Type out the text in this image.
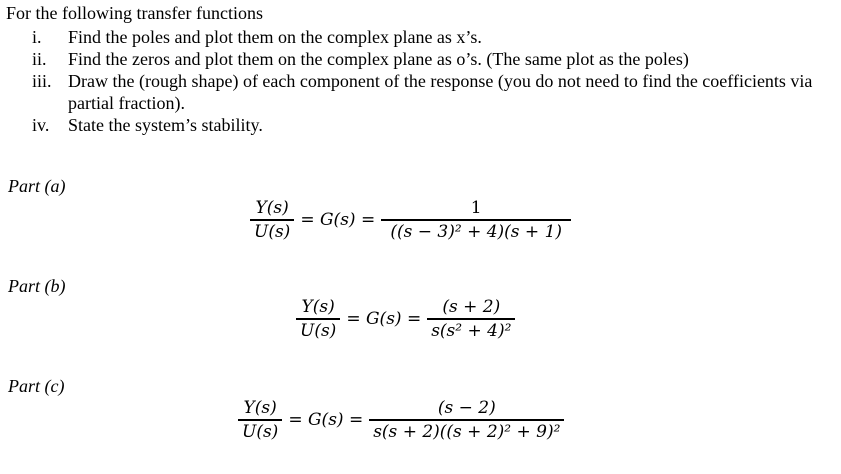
For the following transfer functions
i. Find the poles and plot them on the complex plane as x’s.
ii. Find the zeros and plot them on the complex plane as o’s. (The same plot as the poles)
iii. Draw the (rough shape) of each component of the response (you do not need to find the coefficients via partial fraction).
iv. State the system’s stability.
Part (a)
$\frac{Y(s)}{U(s)} = G(s) = \frac{1}{\text{((s − 3)² + 4)(s + 1)}}$
Part (b)
$\frac{Y(s)}{U(s)} = G(s) = \frac{(s + 2)}{\text{s(s² + 4)²}}$
Part (c)
$\frac{Y(s)}{U(s)} = G(s) = \frac{(s - 2)}{\text{s(s + 2)((s + 2)² + 9)²}}$
